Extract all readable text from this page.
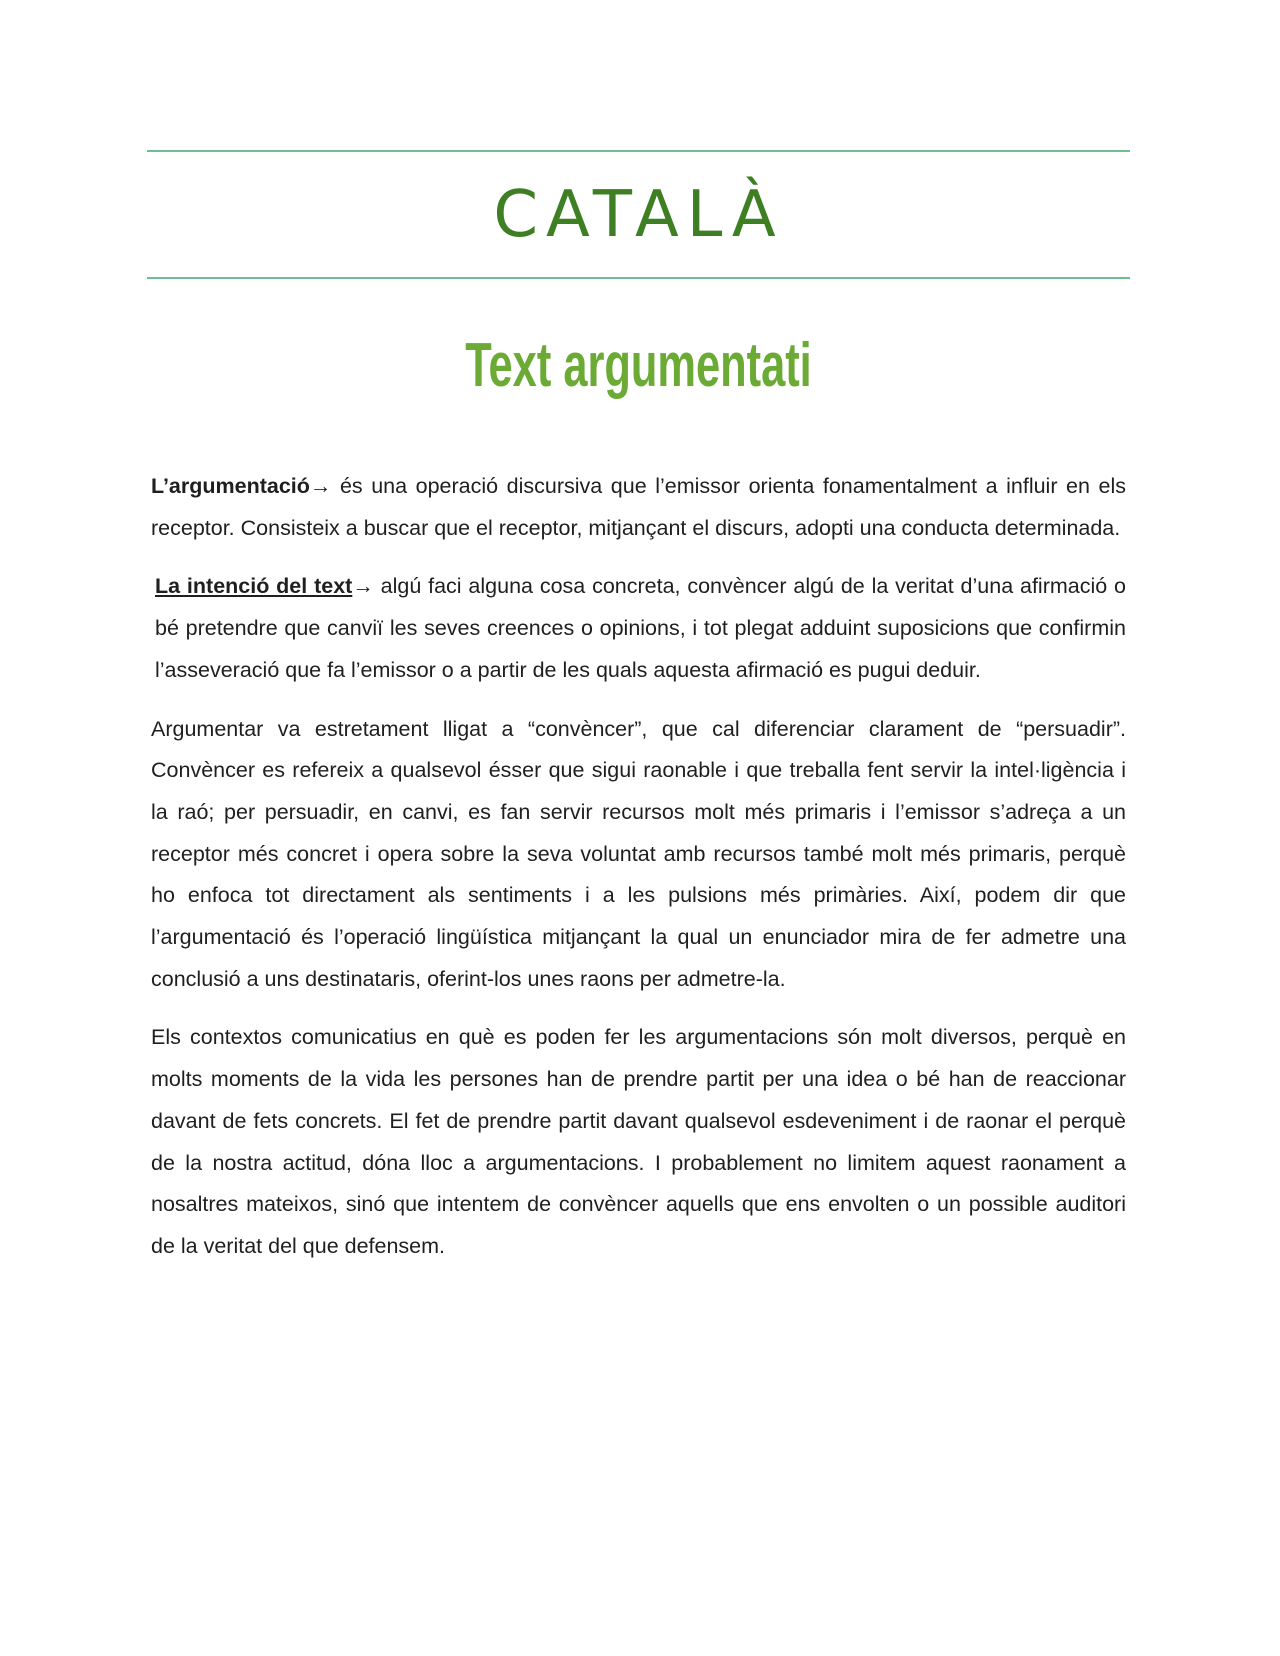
CATALÀ
Text argumentati

L’argumentació→ és una operació discursiva que l’emissor orienta fonamentalment a influir en els receptor. Consisteix a buscar que el receptor, mitjançant el discurs, adopti una conducta determinada.

La intenció del text→ algú faci alguna cosa concreta, convèncer algú de la veritat d’una afirmació o bé pretendre que canviï les seves creences o opinions, i tot plegat adduint suposicions que confirmin l’asseveració que fa l’emissor o a partir de les quals aquesta afirmació es pugui deduir.

Argumentar va estretament lligat a “convèncer”, que cal diferenciar clarament de “persuadir”. Convèncer es refereix a qualsevol ésser que sigui raonable i que treballa fent servir la intel·ligència i la raó; per persuadir, en canvi, es fan servir recursos molt més primaris i l’emissor s’adreça a un receptor més concret i opera sobre la seva voluntat amb recursos també molt més primaris, perquè ho enfoca tot directament als sentiments i a les pulsions més primàries. Així, podem dir que l’argumentació és l’operació lingüística mitjançant la qual un enunciador mira de fer admetre una conclusió a uns destinataris, oferint-los unes raons per admetre-la.

Els contextos comunicatius en què es poden fer les argumentacions són molt diversos, perquè en molts moments de la vida les persones han de prendre partit per una idea o bé han de reaccionar davant de fets concrets. El fet de prendre partit davant qualsevol esdeveniment i de raonar el perquè de la nostra actitud, dóna lloc a argumentacions. I probablement no limitem aquest raonament a nosaltres mateixos, sinó que intentem de convèncer aquells que ens envolten o un possible auditori de la veritat del que defensem.
